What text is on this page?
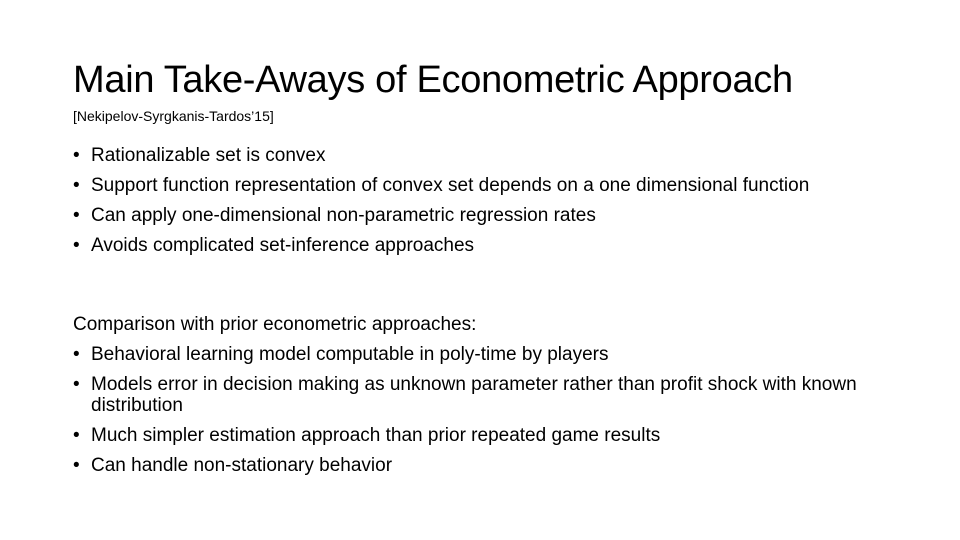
Main Take-Aways of Econometric Approach
[Nekipelov-Syrgkanis-Tardos’15]
• Rationalizable set is convex
• Support function representation of convex set depends on a one dimensional function
• Can apply one-dimensional non-parametric regression rates
• Avoids complicated set-inference approaches
Comparison with prior econometric approaches:
• Behavioral learning model computable in poly-time by players
• Models error in decision making as unknown parameter rather than profit shock with known distribution
• Much simpler estimation approach than prior repeated game results
• Can handle non-stationary behavior
